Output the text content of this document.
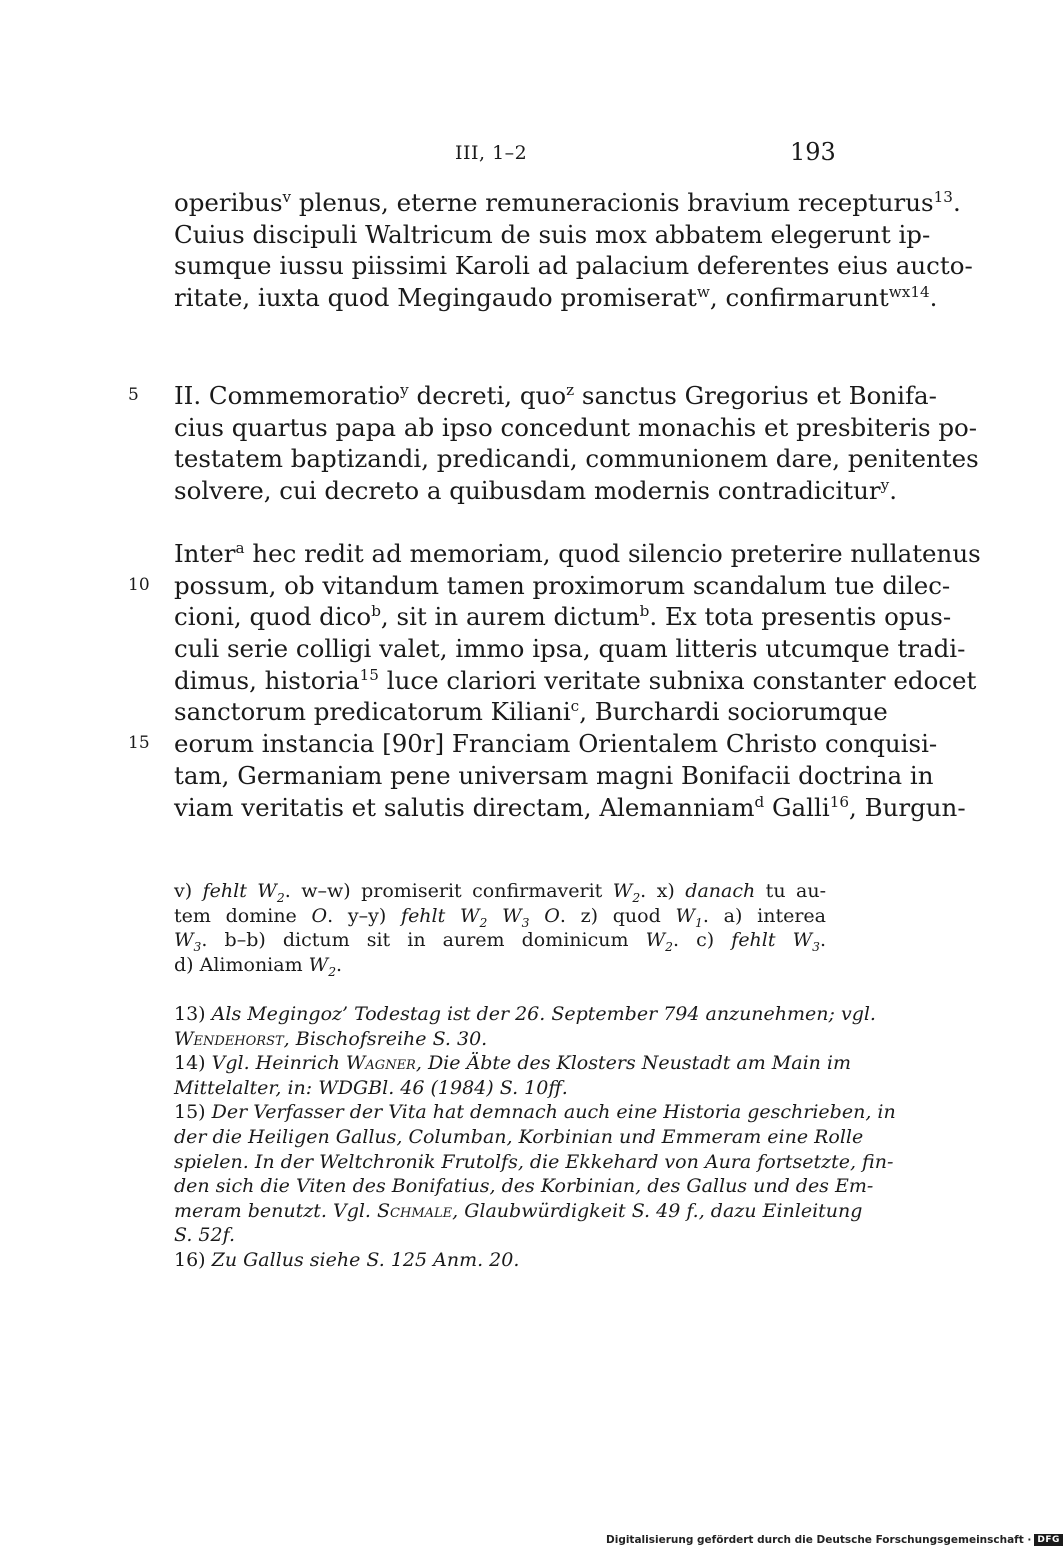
III, 1–2	193
operibus$^v$ plenus, eterne remuneracionis bravium recepturus$^{13}$.
Cuius discipuli Waltricum de suis mox abbatem elegerunt ip-
sumque iussu piissimi Karoli ad palacium deferentes eius aucto-
ritate, iuxta quod Megingaudo promiserat$^w$, confirmarunt$^{wx14}$.
5	II. Commemoratio$^y$ decreti, quo$^z$ sanctus Gregorius et Bonifa-
cius quartus papa ab ipso concedunt monachis et presbiteris po-
testatem baptizandi, predicandi, communionem dare, penitentes
solvere, cui decreto a quibusdam modernis contradicitur$^y$.
Inter$^a$ hec redit ad memoriam, quod silencio preterire nullatenus
10 possum, ob vitandum tamen proximorum scandalum tue dilec-
cioni, quod dico$^b$, sit in aurem dictum$^b$. Ex tota presentis opus-
culi serie colligi valet, immo ipsa, quam litteris utcumque tradi-
dimus, historia$^{15}$ luce clariori veritate subnixa constanter edocet
sanctorum predicatorum Kiliani$^c$, Burchardi sociorumque
15 eorum instancia [90r] Franciam Orientalem Christo conquisi-
tam, Germaniam pene universam magni Bonifacii doctrina in
viam veritatis et salutis directam, Alemanniam$^d$ Galli$^{16}$, Burgun-
v) fehlt $W_2$. w–w) promiserit confirmaverit $W_2$. x) danach tu au-
tem domine O. y–y) fehlt $W_2$ $W_3$ O. z) quod $W_1$. a) interea
$W_3$. b–b) dictum sit in aurem dominicum $W_2$. c) fehlt $W_3$.
d) Alimoniam $W_2$.
13) Als Megingoz’ Todestag ist der 26. September 794 anzunehmen; vgl.
Wendehorst, Bischofsreihe S. 30.
14) Vgl. Heinrich Wagner, Die Äbte des Klosters Neustadt am Main im
Mittelalter, in: WDGBl. 46 (1984) S. 10ff.
15) Der Verfasser der Vita hat demnach auch eine Historia geschrieben, in
der die Heiligen Gallus, Columban, Korbinian und Emmeram eine Rolle
spielen. In der Weltchronik Frutolfs, die Ekkehard von Aura fortsetzte, fin-
den sich die Viten des Bonifatius, des Korbinian, des Gallus und des Em-
meram benutzt. Vgl. Schmale, Glaubwürdigkeit S. 49 f., dazu Einleitung
S. 52f.
16) Zu Gallus siehe S. 125 Anm. 20.
Digitalisierung gefördert durch die Deutsche Forschungsgemeinschaft · DFG
